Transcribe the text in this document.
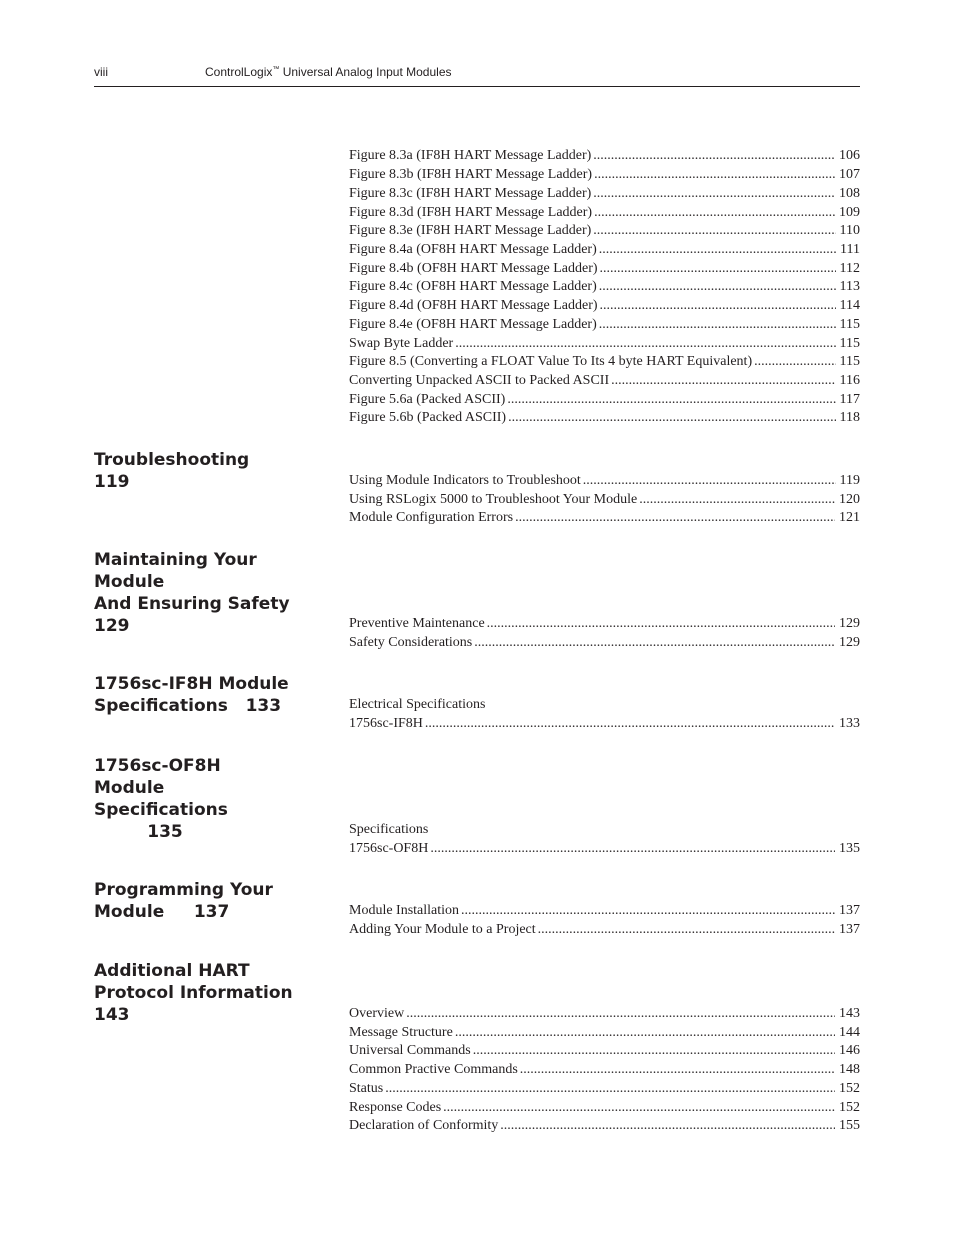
viii	ControlLogix™ Universal Analog Input Modules
Figure 8.3a (IF8H HART Message Ladder) .....	106
Figure 8.3b (IF8H HART Message Ladder) .....	107
Figure 8.3c (IF8H HART Message Ladder) .....	108
Figure 8.3d (IF8H HART Message Ladder) .....	109
Figure 8.3e (IF8H HART Message Ladder) .....	110
Figure 8.4a (OF8H HART Message Ladder) .....	111
Figure 8.4b (OF8H HART Message Ladder) .....	112
Figure 8.4c (OF8H HART Message Ladder) .....	113
Figure 8.4d (OF8H HART Message Ladder) .....	114
Figure 8.4e (OF8H HART Message Ladder) .....	115
Swap Byte Ladder .....	115
Figure 8.5 (Converting a FLOAT Value To Its 4 byte HART Equivalent) .....	115
Converting Unpacked ASCII to Packed ASCII .....	116
Figure 5.6a (Packed ASCII) .....	117
Figure 5.6b (Packed ASCII) .....	118
Troubleshooting
119	Using Module Indicators to Troubleshoot .....	119
Using RSLogix 5000 to Troubleshoot Your Module .....	120
Module Configuration Errors .....	121
Maintaining Your
Module
And Ensuring Safety
129	Preventive Maintenance .....	129
Safety Considerations .....	129
1756sc-IF8H Module
Specifications   133	Electrical Specifications
1756sc-IF8H .....	133
1756sc-OF8H
Module
Specifications
135	Specifications
1756sc-OF8H .....	135
Programming Your
Module     137	Module Installation .....	137
Adding Your Module to a Project .....	137
Additional HART
Protocol Information
143	Overview .....	143
Message Structure .....	144
Universal Commands .....	146
Common Practive Commands .....	148
Status .....	152
Response Codes .....	152
Declaration of Conformity .....	155
